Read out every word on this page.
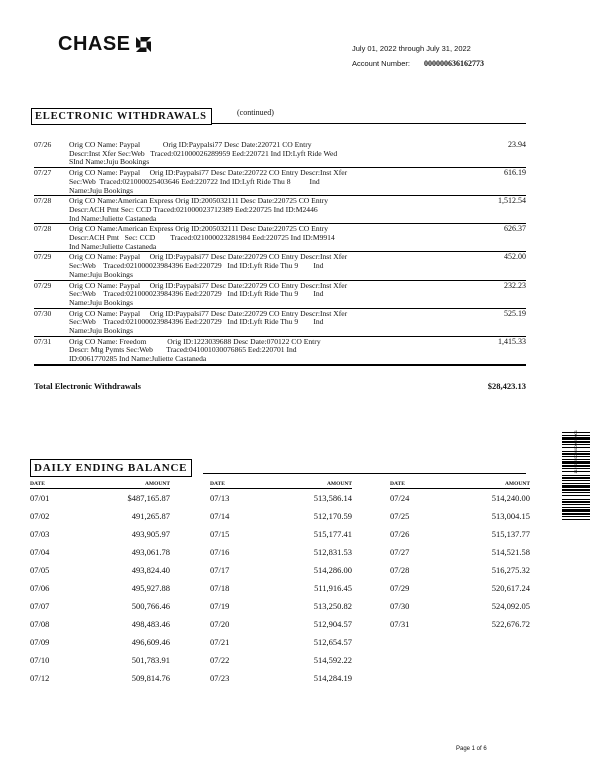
CHASE	July 01, 2022 through July 31, 2022
Account Number: 000000636162773
ELECTRONIC WITHDRAWALS	(continued)
07/26	Orig CO Name: Paypal            Orig ID:Paypalsi77 Desc Date:220721 CO Entry
Descr:Inst Xfer Sec:Web   Traced:021000026289959 Eed:220721 Ind ID:Lyft Ride Wed
SInd Name:Juju Bookings
23.94
07/27	Orig CO Name: Paypal     Orig ID:Paypalsi77 Desc Date:220722 CO Entry Descr:Inst Xfer
Sec:Web  Traced:021000025403646 Eed:220722 Ind ID:Lyft Ride Thu 8          Ind
Name:Juju Bookings
616.19
07/28	Orig CO Name:American Express Orig ID:2005032111 Desc Date:220725 CO Entry
Descr:ACH Pmt Sec: CCD Traced:021000023712389 Eed:220725 Ind ID:M2446
Ind Name:Juliette Castaneda
1,512.54
07/28	Orig CO Name:American Express Orig ID:2005032111 Desc Date:220725 CO Entry
Descr:ACH Pmt   Sec: CCD        Traced:021000023281984 Eed:220725 Ind ID:M9914
Ind Name:Juliette Castaneda
626.37
07/29	Orig CO Name: Paypal     Orig ID:Paypalsi77 Desc Date:220729 CO Entry Descr:Inst Xfer
Sec:Web    Traced:021000023984396 Eed:220729   Ind ID:Lyft Ride Thu 9        Ind
Name:Juju Bookings
452.00
07/29	Orig CO Name: Paypal     Orig ID:Paypalsi77 Desc Date:220729 CO Entry Descr:Inst Xfer
Sec:Web    Traced:021000023984396 Eed:220729   Ind ID:Lyft Ride Thu 9        Ind
Name:Juju Bookings
232.23
07/30	Orig CO Name: Paypal     Orig ID:Paypalsi77 Desc Date:220729 CO Entry Descr:Inst Xfer
Sec:Web    Traced:021000023984396 Eed:220729   Ind ID:Lyft Ride Thu 9        Ind
Name:Juju Bookings
525.19
07/31	Orig CO Name: Freedom           Orig ID:1223039688 Desc Date:070122 CO Entry
Descr: Mtg Pymts Sec:Web       Traced:041001030076865 Eed:220701 Ind
ID:0061770285 Ind Name:Juliette Castaneda
1,415.33
Total Electronic Withdrawals	$28,423.13
DAILY ENDING BALANCE
DATE	AMOUNT
07/01	$487,165.87
07/02	491,265.87
07/03	493,905.97
07/04	493,061.78
07/05	493,824.40
07/06	495,927.88
07/07	500,766.46
07/08	498,483.46
07/09	496,609.46
07/10	501,783.91
07/12	509,814.76
DATE	AMOUNT
07/13	513,586.14
07/14	512,170.59
07/15	515,177.41
07/16	512,831.53
07/17	514,286.00
07/18	511,916.45
07/19	513,250.82
07/20	512,904.57
07/21	512,654.57
07/22	514,592.22
07/23	514,284.19
DATE	AMOUNT
07/24	514,240.00
07/25	513,004.15
07/26	515,137.77
07/27	514,521.58
07/28	516,275.32
07/29	520,617.24
07/30	524,092.05
07/31	522,676.72
11211100000000000001
Page 1 of 6
